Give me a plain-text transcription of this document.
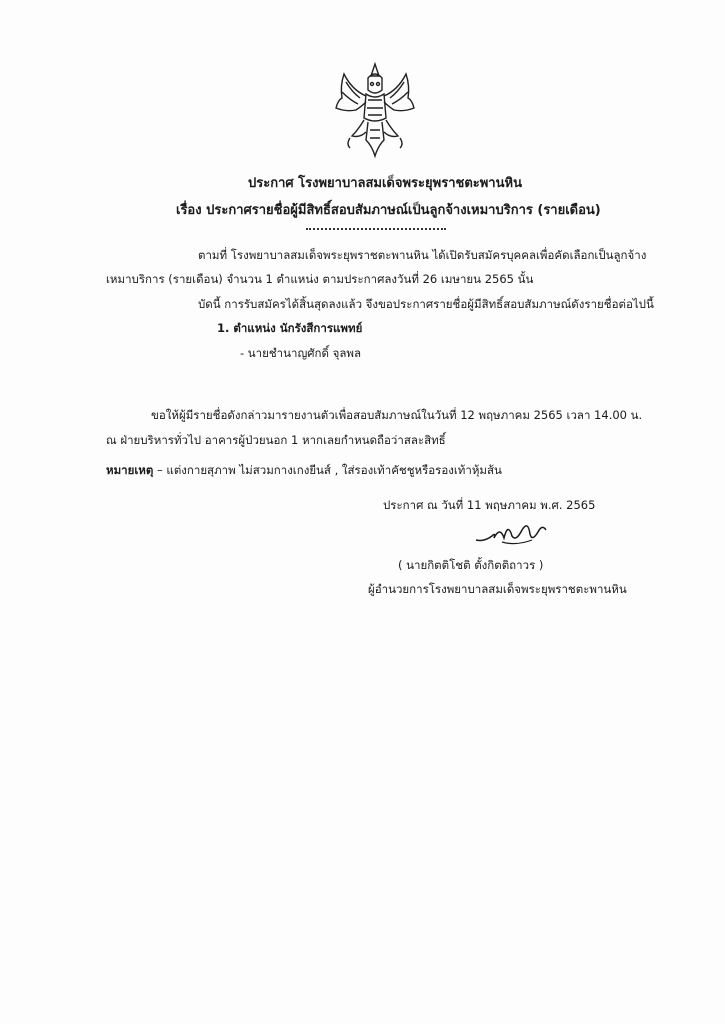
ประกาศ โรงพยาบาลสมเด็จพระยุพราชตะพานหิน
เรื่อง ประกาศรายชื่อผู้มีสิทธิ์สอบสัมภาษณ์เป็นลูกจ้างเหมาบริการ (รายเดือน)
ตามที่ โรงพยาบาลสมเด็จพระยุพราชตะพานหิน ได้เปิดรับสมัครบุคคลเพื่อคัดเลือกเป็นลูกจ้าง
เหมาบริการ (รายเดือน) จำนวน 1 ตำแหน่ง ตามประกาศลงวันที่ 26 เมษายน 2565 นั้น
บัดนี้ การรับสมัครได้สิ้นสุดลงแล้ว จึงขอประกาศรายชื่อผู้มีสิทธิ์สอบสัมภาษณ์ดังรายชื่อต่อไปนี้
1. ตำแหน่ง นักรังสีการแพทย์
- นายชำนาญศักดิ์ จุลพล
ขอให้ผู้มีรายชื่อดังกล่าวมารายงานตัวเพื่อสอบสัมภาษณ์ในวันที่ 12 พฤษภาคม 2565 เวลา 14.00 น.
ณ ฝ่ายบริหารทั่วไป อาคารผู้ป่วยนอก 1 หากเลยกำหนดถือว่าสละสิทธิ์
หมายเหตุ – แต่งกายสุภาพ ไม่สวมกางเกงยีนส์ , ใส่รองเท้าคัชชูหรือรองเท้าหุ้มส้น
ประกาศ ณ วันที่ 11 พฤษภาคม พ.ศ. 2565
( นายกิตติโชติ ตั้งกิตติถาวร )
ผู้อำนวยการโรงพยาบาลสมเด็จพระยุพราชตะพานหิน
